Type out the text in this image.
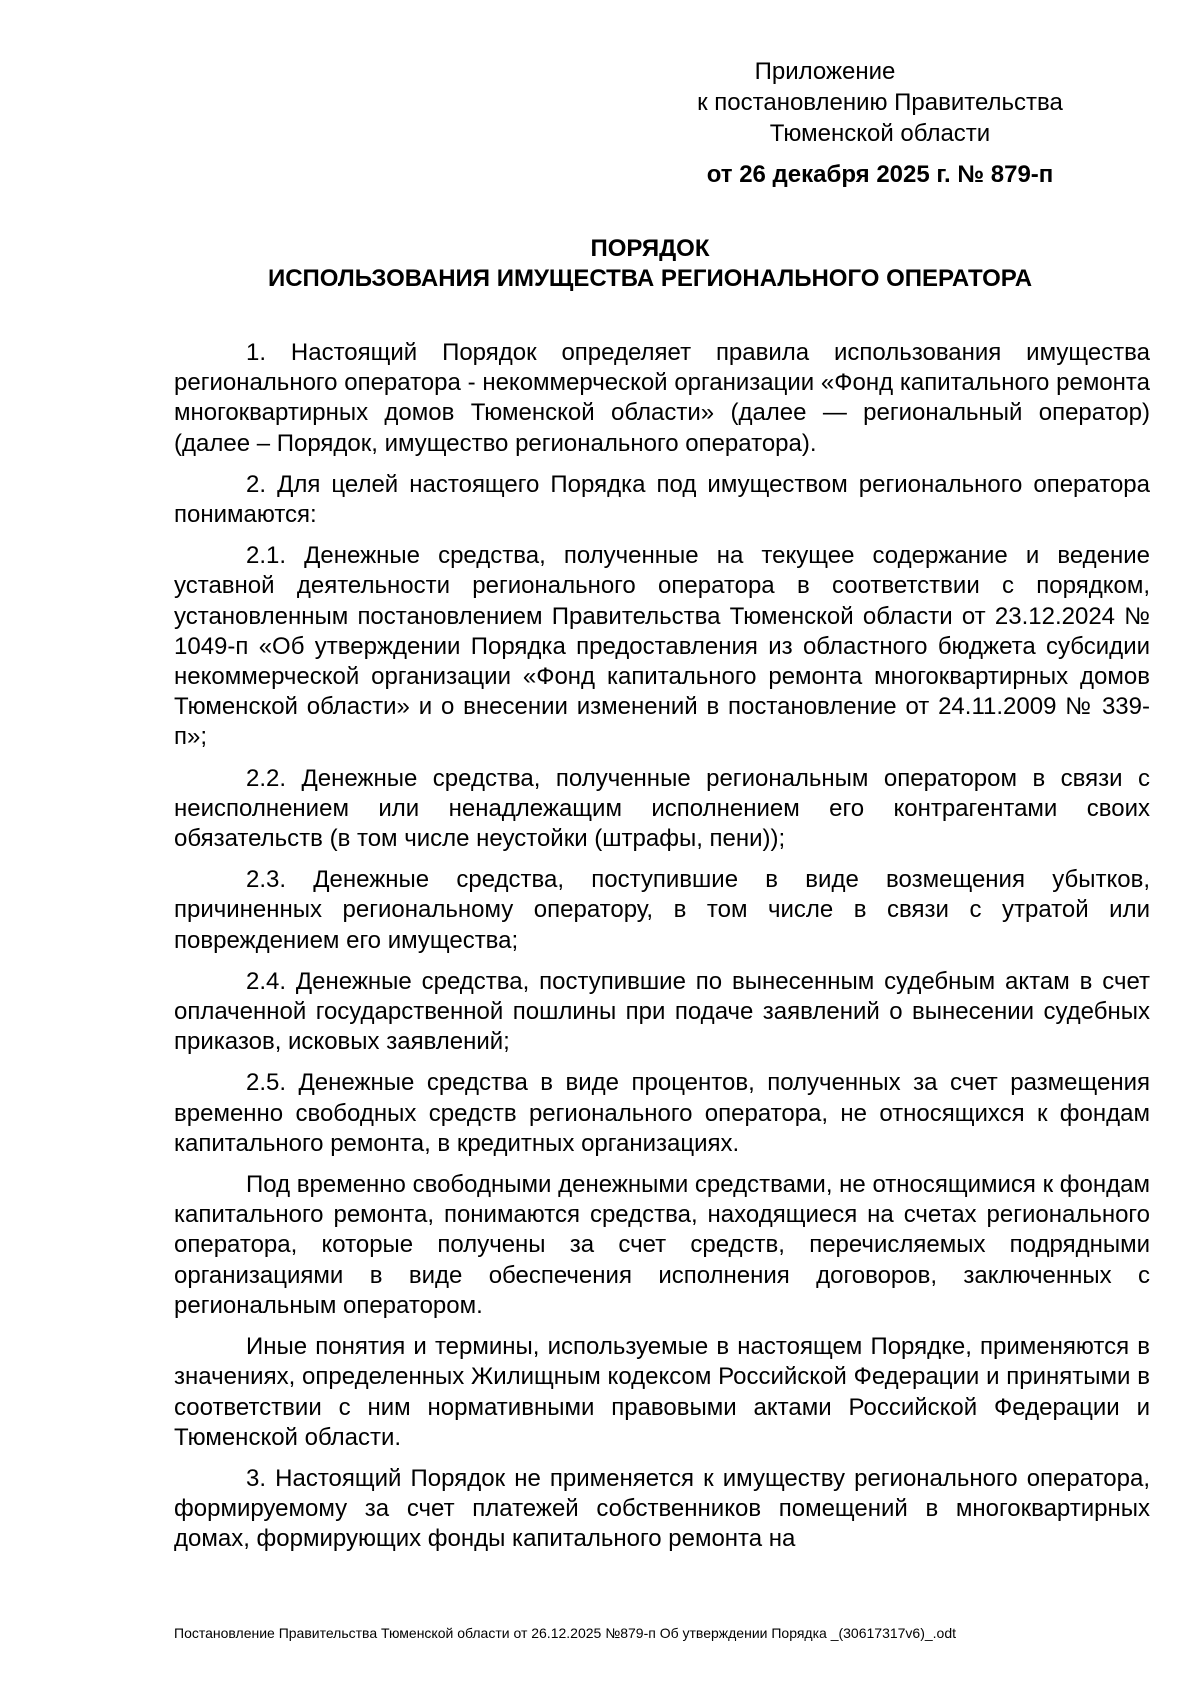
Приложение
к постановлению Правительства
Тюменской области
от 26 декабря 2025 г. № 879-п
ПОРЯДОК
ИСПОЛЬЗОВАНИЯ ИМУЩЕСТВА РЕГИОНАЛЬНОГО ОПЕРАТОРА

1. Настоящий Порядок определяет правила использования имущества регионального оператора - некоммерческой организации «Фонд капитального ремонта многоквартирных домов Тюменской области» (далее — региональный оператор) (далее – Порядок, имущество регионального оператора).

2. Для целей настоящего Порядка под имуществом регионального оператора понимаются:

2.1. Денежные средства, полученные на текущее содержание и ведение уставной деятельности регионального оператора в соответствии с порядком, установленным постановлением Правительства Тюменской области от 23.12.2024 № 1049-п «Об утверждении Порядка предоставления из областного бюджета субсидии некоммерческой организации «Фонд капитального ремонта многоквартирных домов Тюменской области» и о внесении изменений в постановление от 24.11.2009 № 339-п»;

2.2. Денежные средства, полученные региональным оператором в связи с неисполнением или ненадлежащим исполнением его контрагентами своих обязательств (в том числе неустойки (штрафы, пени));

2.3. Денежные средства, поступившие в виде возмещения убытков, причиненных региональному оператору, в том числе в связи с утратой или повреждением его имущества;

2.4. Денежные средства, поступившие по вынесенным судебным актам в счет оплаченной государственной пошлины при подаче заявлений о вынесении судебных приказов, исковых заявлений;

2.5. Денежные средства в виде процентов, полученных за счет размещения временно свободных средств регионального оператора, не относящихся к фондам капитального ремонта, в кредитных организациях.

Под временно свободными денежными средствами, не относящимися к фондам капитального ремонта, понимаются средства, находящиеся на счетах регионального оператора, которые получены за счет средств, перечисляемых подрядными организациями в виде обеспечения исполнения договоров, заключенных с региональным оператором.

Иные понятия и термины, используемые в настоящем Порядке, применяются в значениях, определенных Жилищным кодексом Российской Федерации и принятыми в соответствии с ним нормативными правовыми актами Российской Федерации и Тюменской области.

3. Настоящий Порядок не применяется к имуществу регионального оператора, формируемому за счет платежей собственников помещений в многоквартирных домах, формирующих фонды капитального ремонта на

Постановление Правительства Тюменской области от 26.12.2025 №879-п Об утверждении Порядка _(30617317v6)_.odt
